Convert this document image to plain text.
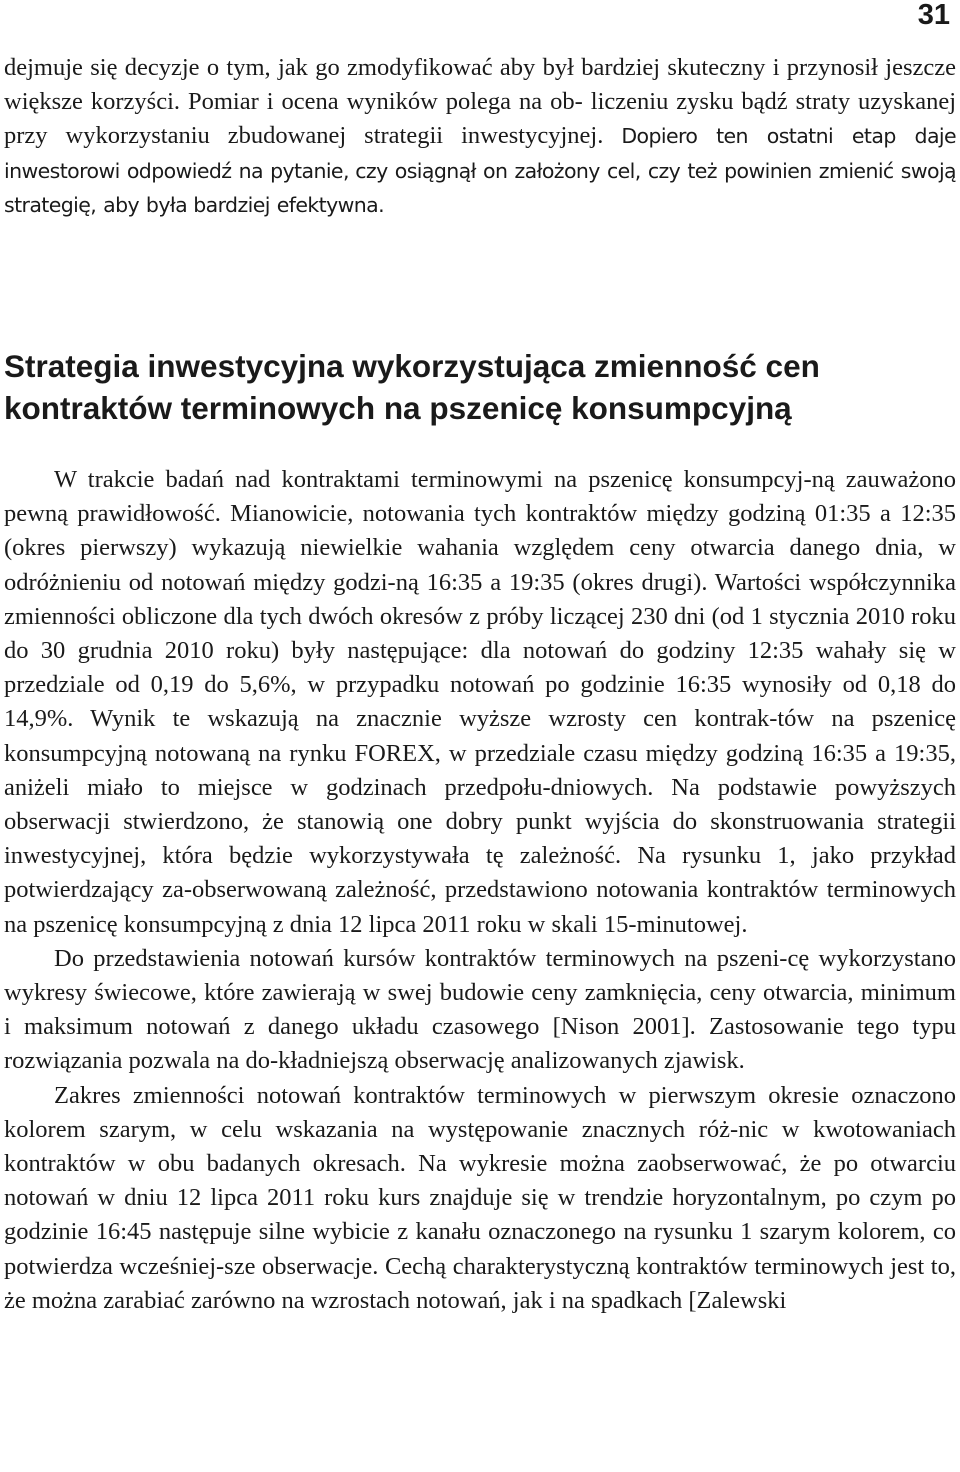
31

dejmuje się decyzje o tym, jak go zmodyfikować aby był bardziej skuteczny i przynosił jeszcze większe korzyści. Pomiar i ocena wyników polega na ob- liczeniu zysku bądź straty uzyskanej przy wykorzystaniu zbudowanej strategii inwestycyjnej. Dopiero ten ostatni etap daje inwestorowi odpowiedź na pytanie, czy osiągnął on założony cel, czy też powinien zmienić swoją strategię, aby była bardziej efektywna.

Strategia inwestycyjna wykorzystująca zmienność cen
kontraktów terminowych na pszenicę konsumpcyjną

W trakcie badań nad kontraktami terminowymi na pszenicę konsumpcyj-ną zauważono pewną prawidłowość. Mianowicie, notowania tych kontraktów między godziną 01:35 a 12:35 (okres pierwszy) wykazują niewielkie wahania względem ceny otwarcia danego dnia, w odróżnieniu od notowań między godzi-ną 16:35 a 19:35 (okres drugi). Wartości współczynnika zmienności obliczone dla tych dwóch okresów z próby liczącej 230 dni (od 1 stycznia 2010 roku do 30 grudnia 2010 roku) były następujące: dla notowań do godziny 12:35 wahały się w przedziale od 0,19 do 5,6%, w przypadku notowań po godzinie 16:35 wynosiły od 0,18 do 14,9%. Wynik te wskazują na znacznie wyższe wzrosty cen kontrak-tów na pszenicę konsumpcyjną notowaną na rynku FOREX, w przedziale czasu między godziną 16:35 a 19:35, aniżeli miało to miejsce w godzinach przedpołu-dniowych. Na podstawie powyższych obserwacji stwierdzono, że stanowią one dobry punkt wyjścia do skonstruowania strategii inwestycyjnej, która będzie wykorzystywała tę zależność. Na rysunku 1, jako przykład potwierdzający za-obserwowaną zależność, przedstawiono notowania kontraktów terminowych na pszenicę konsumpcyjną z dnia 12 lipca 2011 roku w skali 15-minutowej.

Do przedstawienia notowań kursów kontraktów terminowych na pszeni-cę wykorzystano wykresy świecowe, które zawierają w swej budowie ceny zamknięcia, ceny otwarcia, minimum i maksimum notowań z danego układu czasowego [Nison 2001]. Zastosowanie tego typu rozwiązania pozwala na do-kładniejszą obserwację analizowanych zjawisk.

Zakres zmienności notowań kontraktów terminowych w pierwszym okresie oznaczono kolorem szarym, w celu wskazania na występowanie znacznych róż-nic w kwotowaniach kontraktów w obu badanych okresach. Na wykresie można zaobserwować, że po otwarciu notowań w dniu 12 lipca 2011 roku kurs znajduje się w trendzie horyzontalnym, po czym po godzinie 16:45 następuje silne wybicie z kanału oznaczonego na rysunku 1 szarym kolorem, co potwierdza wcześniej-sze obserwacje. Cechą charakterystyczną kontraktów terminowych jest to, że można zarabiać zarówno na wzrostach notowań, jak i na spadkach [Zalewski
